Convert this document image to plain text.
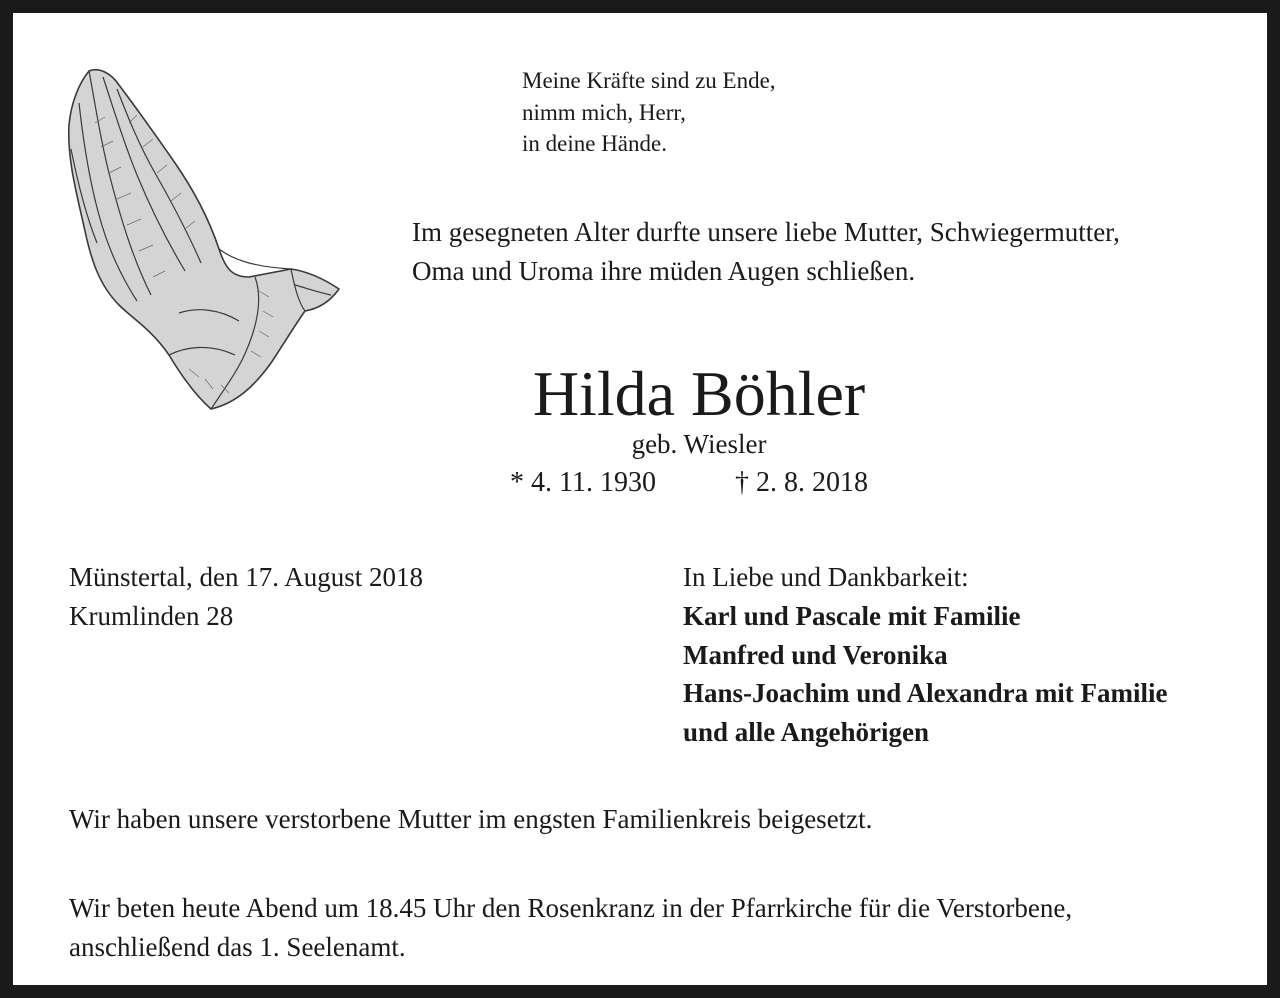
Meine Kräfte sind zu Ende,
nimm mich, Herr,
in deine Hände.
Im gesegneten Alter durfte unsere liebe Mutter, Schwiegermutter,
Oma und Uroma ihre müden Augen schließen.
Hilda Böhler
geb. Wiesler
* 4. 11. 1930	† 2. 8. 2018
Münstertal, den 17. August 2018
Krumlinden 28
In Liebe und Dankbarkeit:
Karl und Pascale mit Familie
Manfred und Veronika
Hans-Joachim und Alexandra mit Familie
und alle Angehörigen
Wir haben unsere verstorbene Mutter im engsten Familienkreis beigesetzt.
Wir beten heute Abend um 18.45 Uhr den Rosenkranz in der Pfarrkirche für die Verstorbene,
anschließend das 1. Seelenamt.
